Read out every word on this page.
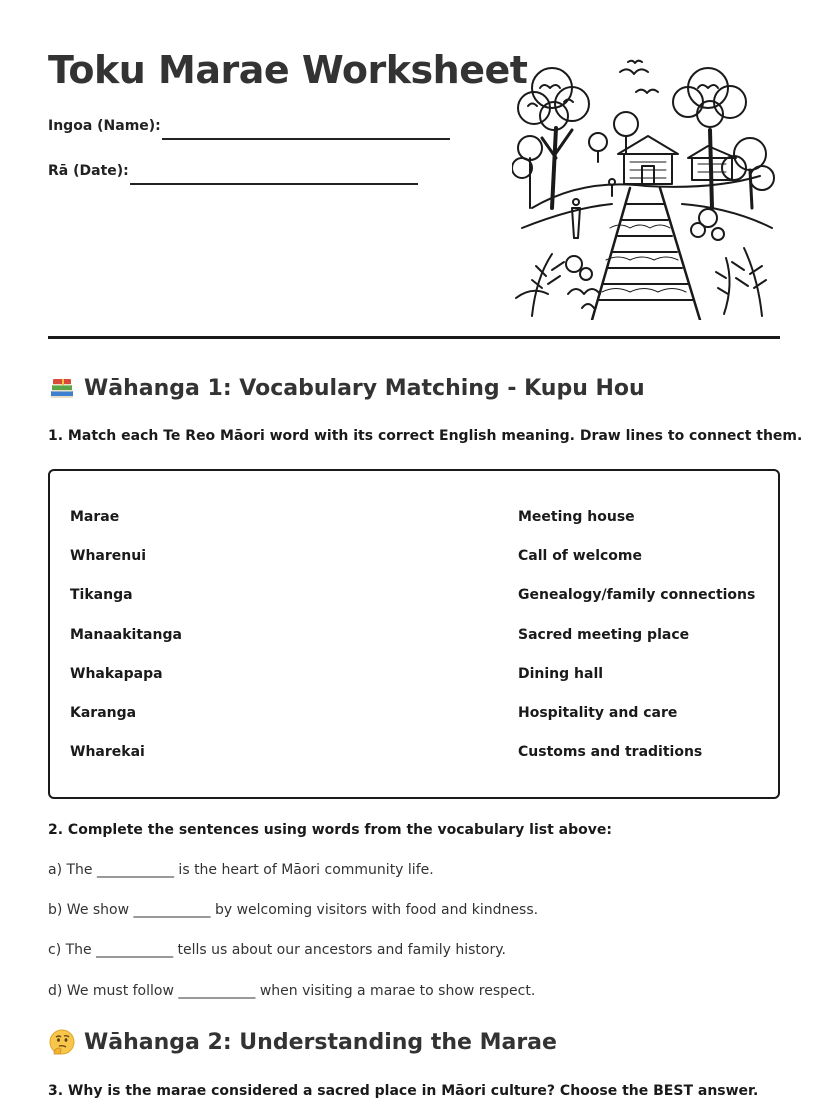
Toku Marae Worksheet
Ingoa (Name):
Rā (Date):
Wāhanga 1: Vocabulary Matching - Kupu Hou

1. Match each Te Reo Māori word with its correct English meaning. Draw lines to connect them.

Marae
Wharenui
Tikanga
Manaakitanga
Whakapapa
Karanga
Wharekai
Meeting house
Call of welcome
Genealogy/family connections
Sacred meeting place
Dining hall
Hospitality and care
Customs and traditions

2. Complete the sentences using words from the vocabulary list above:

a) The ___________ is the heart of Māori community life.

b) We show ___________ by welcoming visitors with food and kindness.

c) The ___________ tells us about our ancestors and family history.

d) We must follow ___________ when visiting a marae to show respect.

Wāhanga 2: Understanding the Marae

3. Why is the marae considered a sacred place in Māori culture? Choose the BEST answer.
